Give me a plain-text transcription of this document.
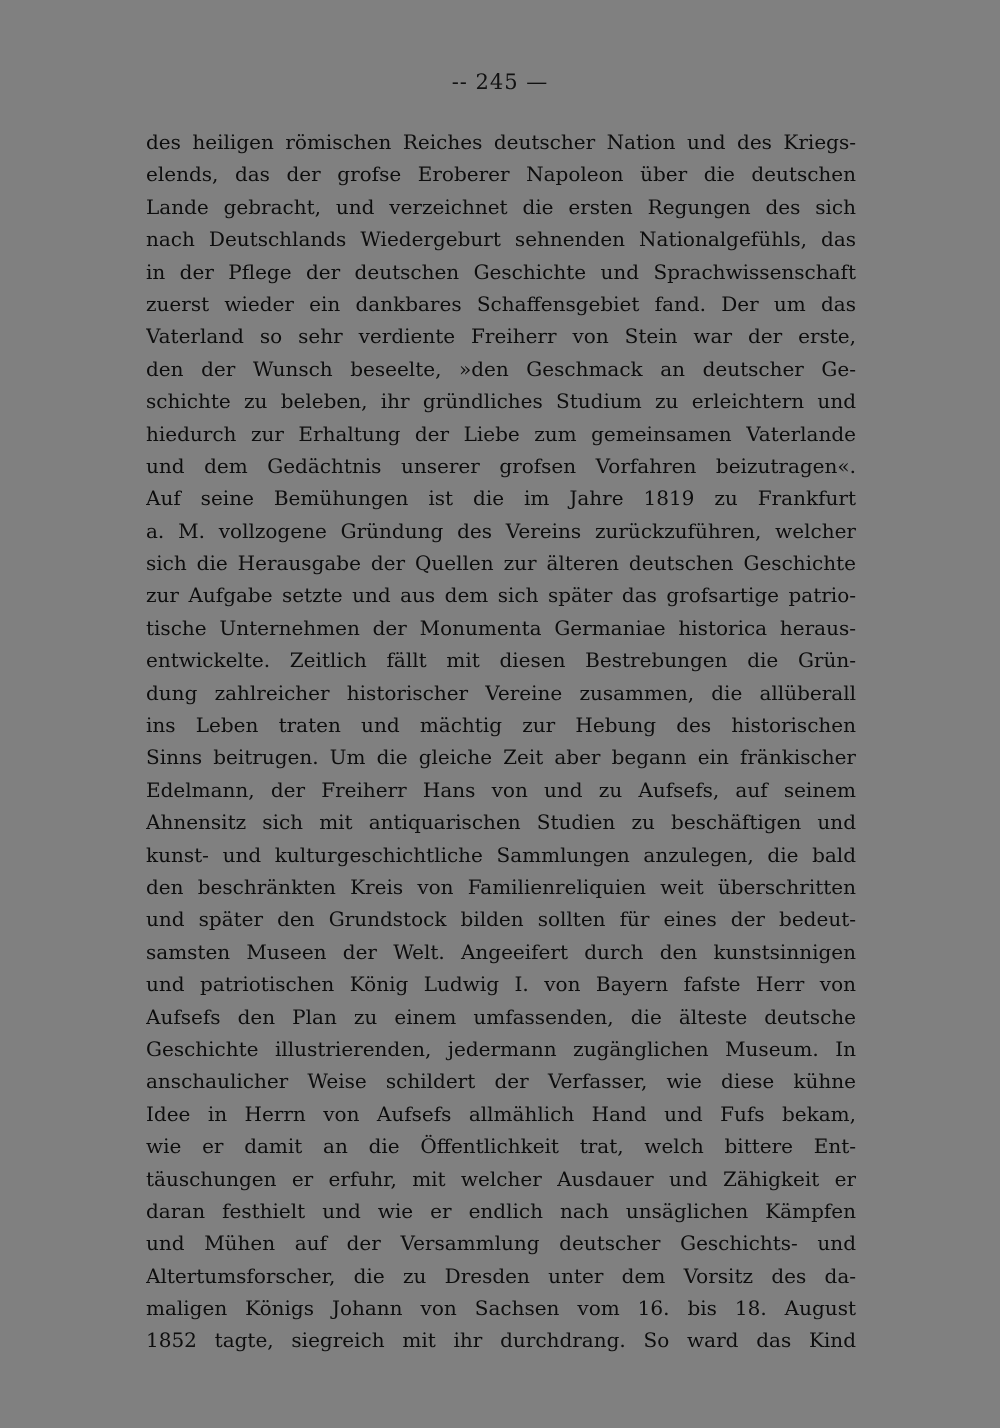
-- 245 —
des heiligen römischen Reiches deutscher Nation und des Kriegs-
elends, das der grofse Eroberer Napoleon über die deutschen
Lande gebracht, und verzeichnet die ersten Regungen des sich
nach Deutschlands Wiedergeburt sehnenden Nationalgefühls, das
in der Pflege der deutschen Geschichte und Sprachwissenschaft
zuerst wieder ein dankbares Schaffensgebiet fand. Der um das
Vaterland so sehr verdiente Freiherr von Stein war der erste,
den der Wunsch beseelte, »den Geschmack an deutscher Ge-
schichte zu beleben, ihr gründliches Studium zu erleichtern und
hiedurch zur Erhaltung der Liebe zum gemeinsamen Vaterlande
und dem Gedächtnis unserer grofsen Vorfahren beizutragen«.
Auf seine Bemühungen ist die im Jahre 1819 zu Frankfurt
a. M. vollzogene Gründung des Vereins zurückzuführen, welcher
sich die Herausgabe der Quellen zur älteren deutschen Geschichte
zur Aufgabe setzte und aus dem sich später das grofsartige patrio-
tische Unternehmen der Monumenta Germaniae historica heraus-
entwickelte. Zeitlich fällt mit diesen Bestrebungen die Grün-
dung zahlreicher historischer Vereine zusammen, die allüberall
ins Leben traten und mächtig zur Hebung des historischen
Sinns beitrugen. Um die gleiche Zeit aber begann ein fränkischer
Edelmann, der Freiherr Hans von und zu Aufsefs, auf seinem
Ahnensitz sich mit antiquarischen Studien zu beschäftigen und
kunst- und kulturgeschichtliche Sammlungen anzulegen, die bald
den beschränkten Kreis von Familienreliquien weit überschritten
und später den Grundstock bilden sollten für eines der bedeut-
samsten Museen der Welt. Angeeifert durch den kunstsinnigen
und patriotischen König Ludwig I. von Bayern fafste Herr von
Aufsefs den Plan zu einem umfassenden, die älteste deutsche
Geschichte illustrierenden, jedermann zugänglichen Museum. In
anschaulicher Weise schildert der Verfasser, wie diese kühne
Idee in Herrn von Aufsefs allmählich Hand und Fufs bekam,
wie er damit an die Öffentlichkeit trat, welch bittere Ent-
täuschungen er erfuhr, mit welcher Ausdauer und Zähigkeit er
daran festhielt und wie er endlich nach unsäglichen Kämpfen
und Mühen auf der Versammlung deutscher Geschichts- und
Altertumsforscher, die zu Dresden unter dem Vorsitz des da-
maligen Königs Johann von Sachsen vom 16. bis 18. August
1852 tagte, siegreich mit ihr durchdrang. So ward das Kind
